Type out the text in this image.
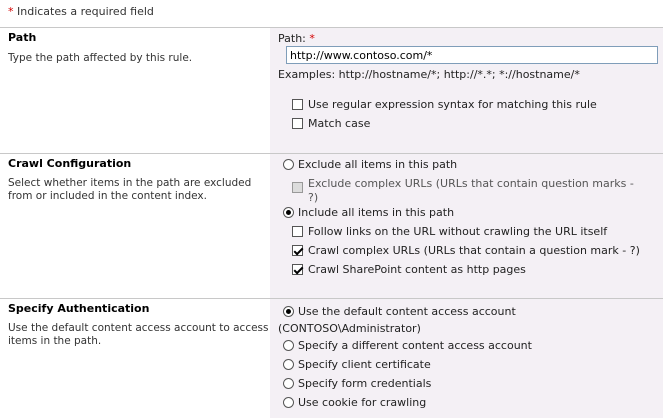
* Indicates a required field
Path
Type the path affected by this rule.
Path: *
http://www.contoso.com/*
Examples: http://hostname/*; http://*.*; *://hostname/*
Use regular expression syntax for matching this rule
Match case
Crawl Configuration
Select whether items in the path are excluded from or included in the content index.
Exclude all items in this path
Exclude complex URLs (URLs that contain question marks -
?)
Include all items in this path
Follow links on the URL without crawling the URL itself
Crawl complex URLs (URLs that contain a question mark - ?)
Crawl SharePoint content as http pages
Specify Authentication
Use the default content access account to access items in the path.
Use the default content access account
(CONTOSO\Administrator)
Specify a different content access account
Specify client certificate
Specify form credentials
Use cookie for crawling
